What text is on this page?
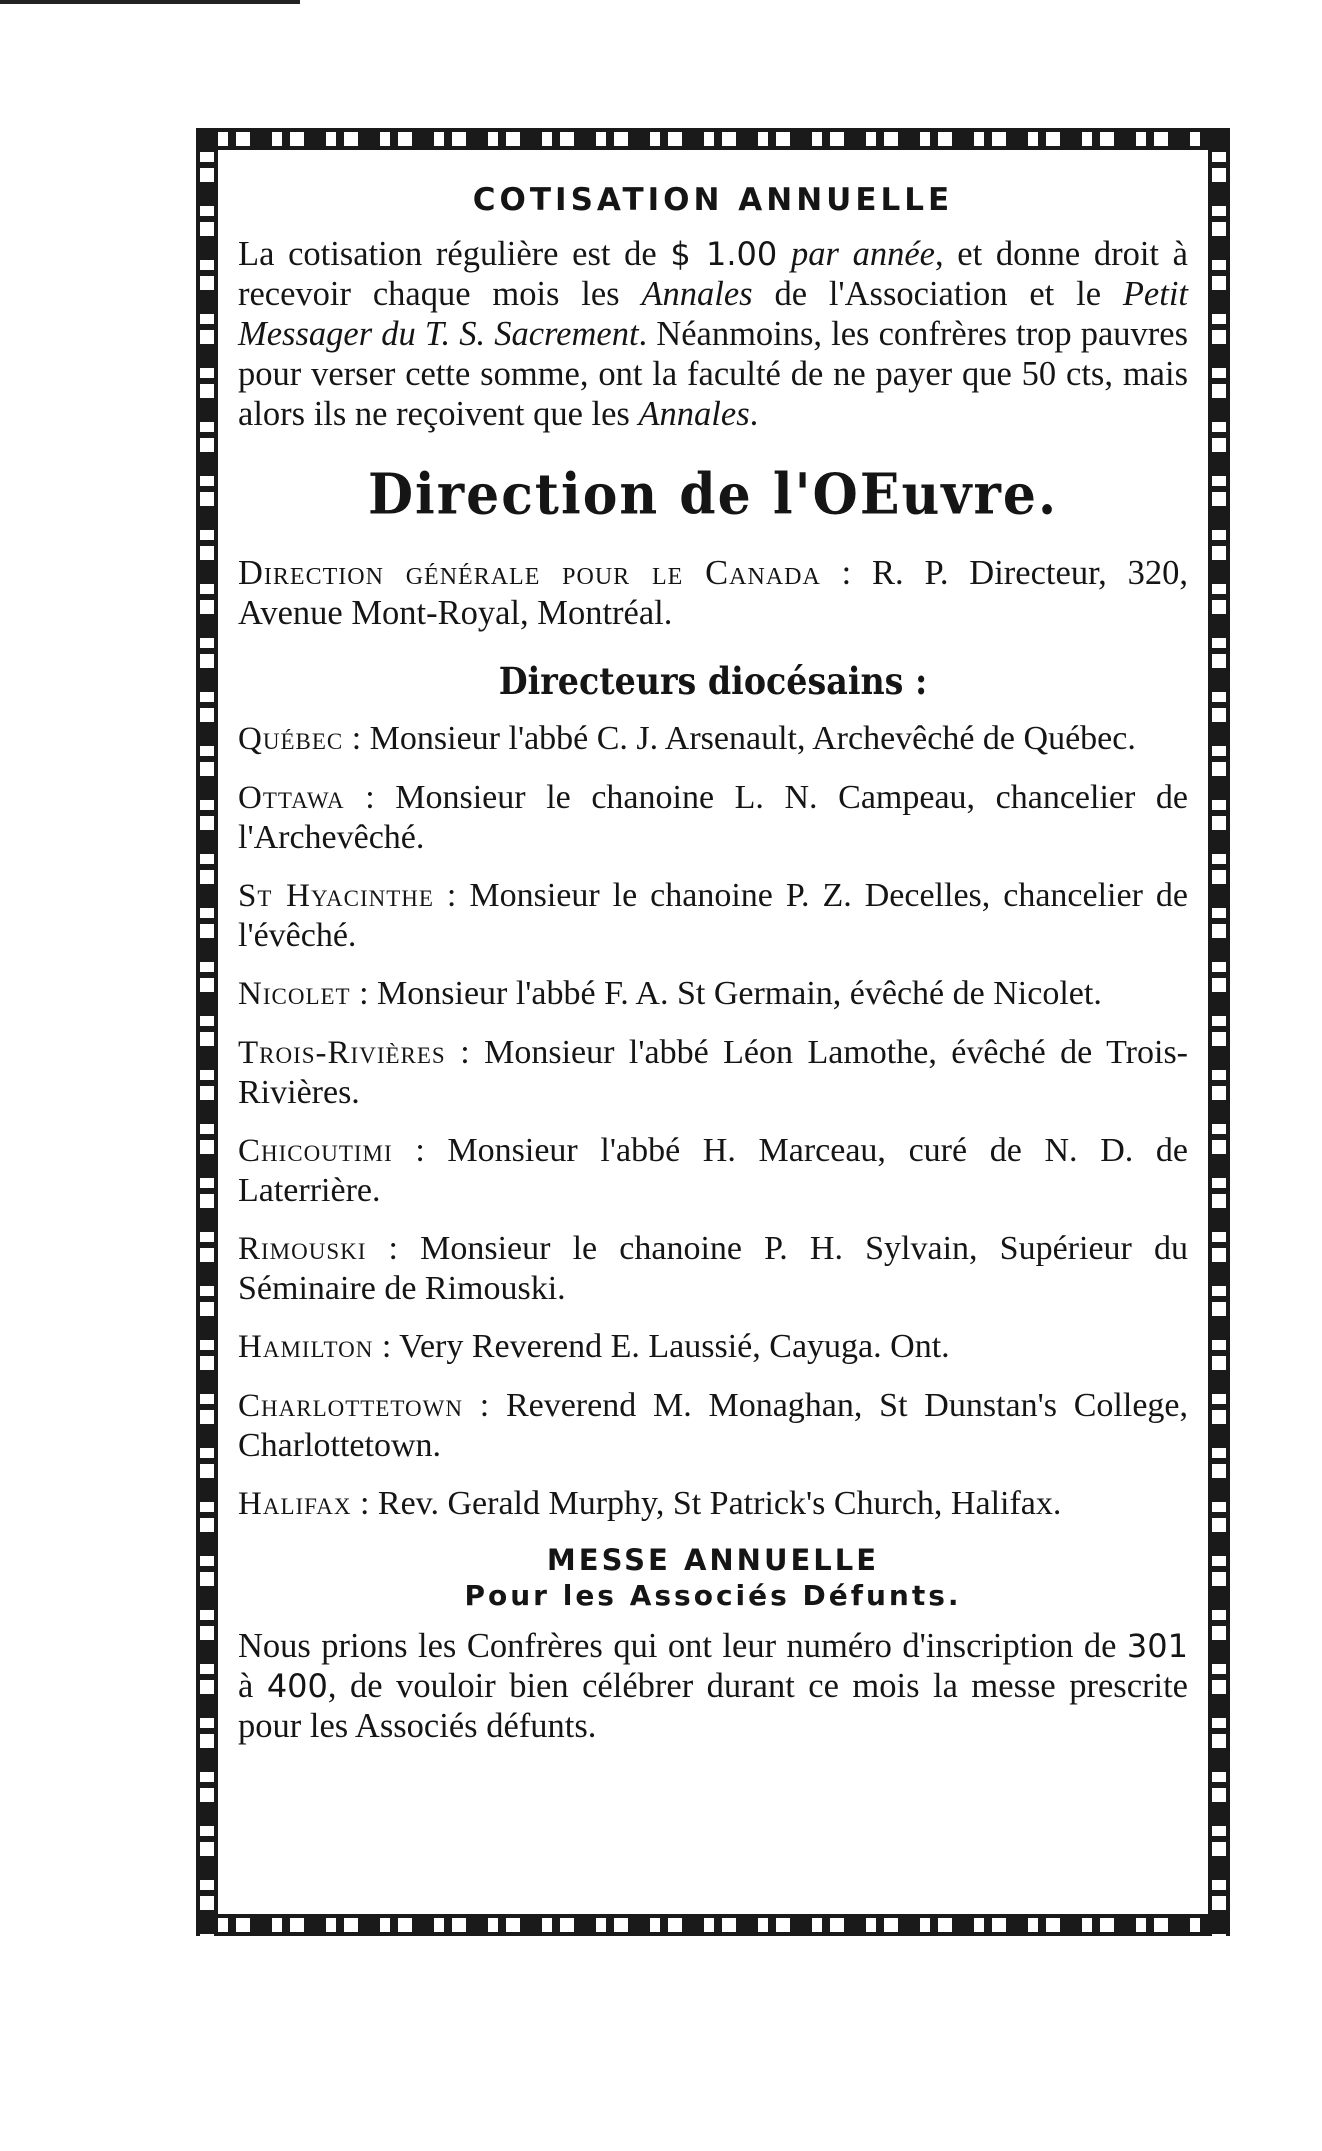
COTISATION ANNUELLE

La cotisation régulière est de $ 1.00 par année, et donne droit à recevoir chaque mois les Annales de l'Association et le Petit Messager du T. S. Sacrement. Néanmoins, les confrères trop pauvres pour verser cette somme, ont la faculté de ne payer que 50 cts, mais alors ils ne reçoivent que les Annales.

Direction de l'OEuvre.

Direction générale pour le Canada : R. P. Directeur, 320, Avenue Mont-Royal, Montréal.

Directeurs diocésains :

Québec : Monsieur l'abbé C. J. Arsenault, Archevêché de Québec.

Ottawa : Monsieur le chanoine L. N. Campeau, chancelier de l'Archevêché.

St Hyacinthe : Monsieur le chanoine P. Z. Decelles, chancelier de l'évêché.

Nicolet : Monsieur l'abbé F. A. St Germain, évêché de Nicolet.

Trois-Rivières : Monsieur l'abbé Léon Lamothe, évêché de Trois-Rivières.

Chicoutimi : Monsieur l'abbé H. Marceau, curé de N. D. de Laterrière.

Rimouski : Monsieur le chanoine P. H. Sylvain, Supérieur du Séminaire de Rimouski.

Hamilton : Very Reverend E. Laussié, Cayuga. Ont.

Charlottetown : Reverend M. Monaghan, St Dunstan's College, Charlottetown.

Halifax : Rev. Gerald Murphy, St Patrick's Church, Halifax.

MESSE ANNUELLE
Pour les Associés Défunts.

Nous prions les Confrères qui ont leur numéro d'inscription de 301 à 400, de vouloir bien célébrer durant ce mois la messe prescrite pour les Associés défunts.
